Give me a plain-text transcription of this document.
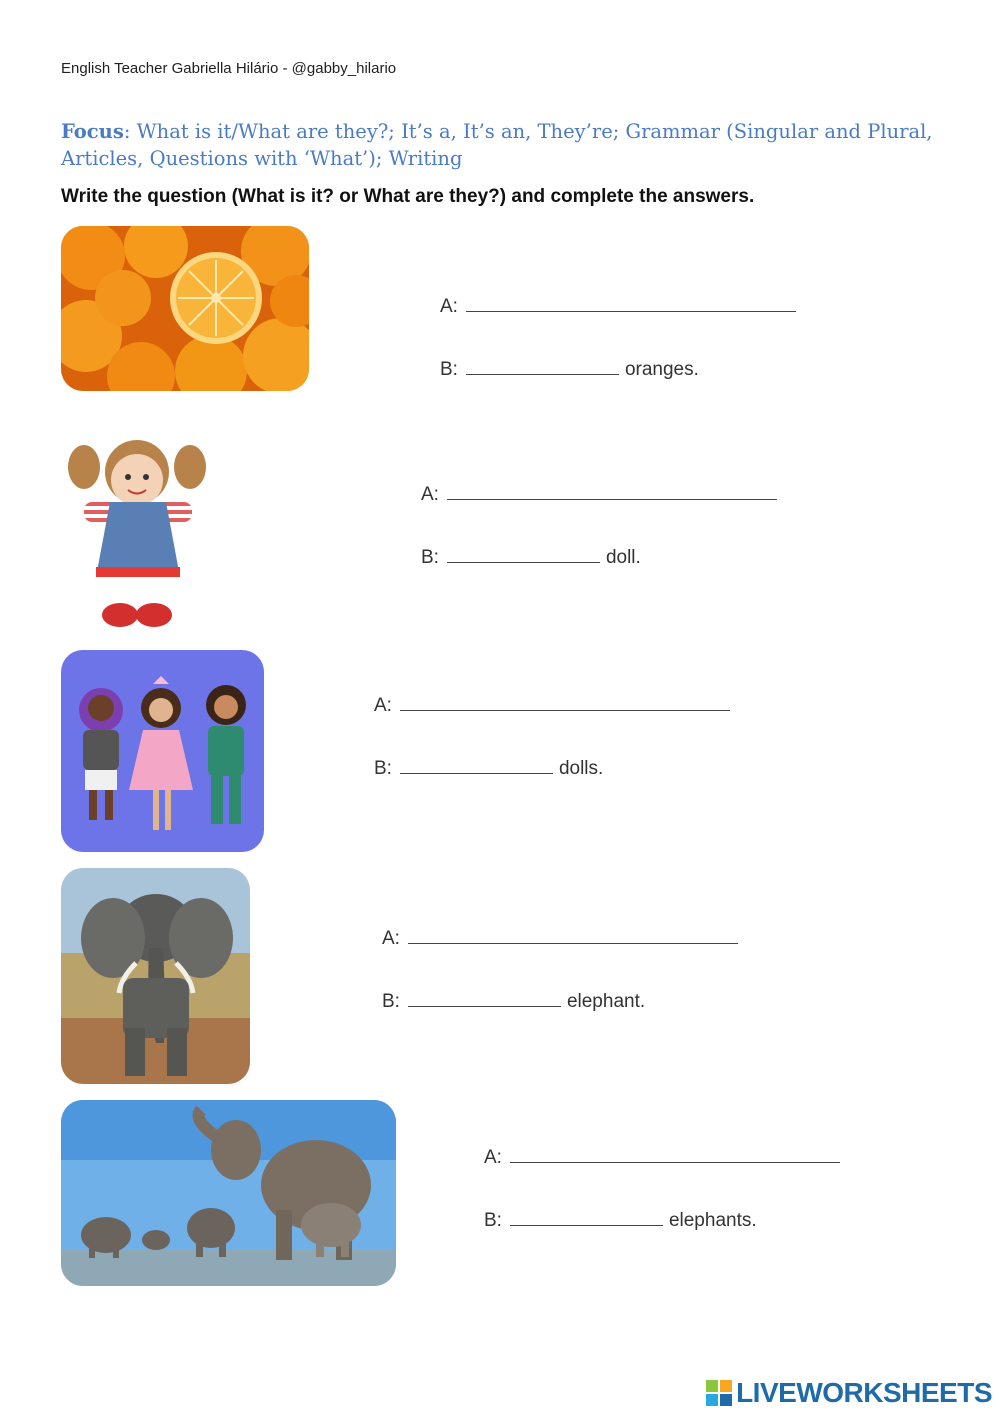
English Teacher Gabriella Hilário - @gabby_hilario
Focus: What is it/What are they?; It’s a, It’s an, They’re; Grammar (Singular and Plural, Articles, Questions with ‘What’); Writing
Write the question (What is it? or What are they?) and complete the answers.
A:
B:	oranges.
A:
B:	doll.
A:
B:	dolls.
A:
B:	elephant.
A:
B:	elephants.
LIVEWORKSHEETS
